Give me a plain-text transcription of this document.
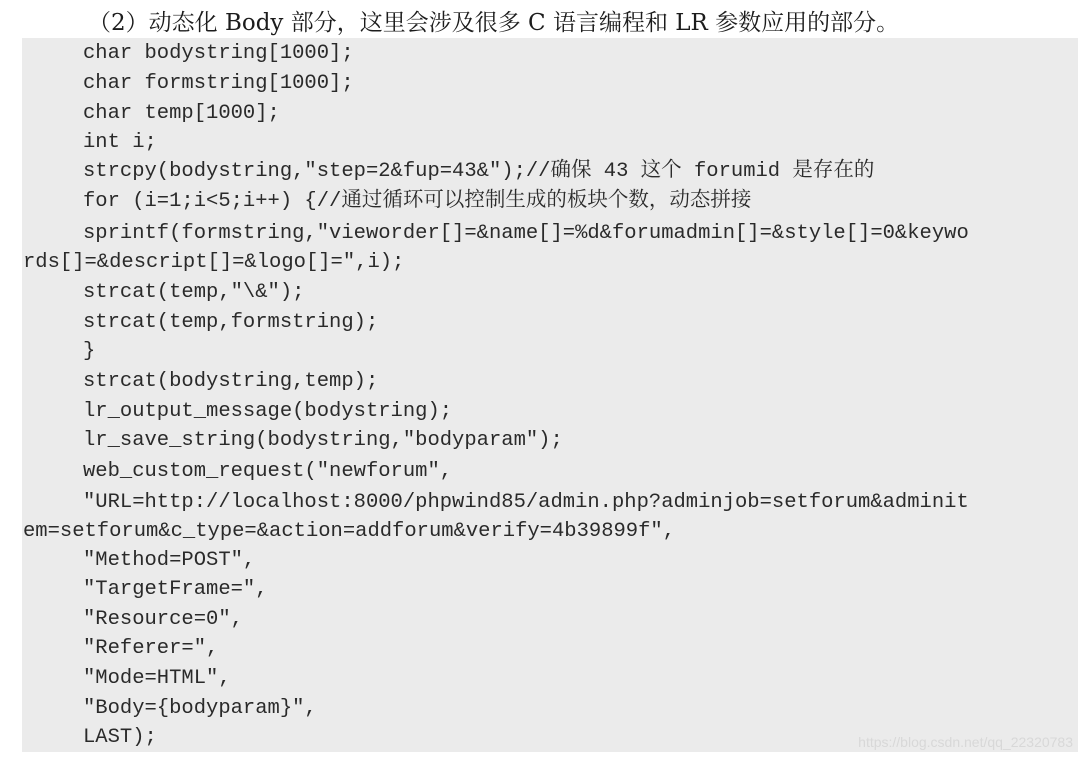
（2）动态化 Body 部分，这里会涉及很多 C 语言编程和 LR 参数应用的部分。
char bodystring[1000];
char formstring[1000];
char temp[1000];
int i;
strcpy(bodystring,"step=2&fup=43&");//确保 43 这个 forumid 是存在的
for (i=1;i<5;i++) {//通过循环可以控制生成的板块个数，动态拼接
sprintf(formstring,"vieworder[]=&name[]=%d&forumadmin[]=&style[]=0&keywo
rds[]=&descript[]=&logo[]=",i);
strcat(temp,"\&");
strcat(temp,formstring);
}
strcat(bodystring,temp);
lr_output_message(bodystring);
lr_save_string(bodystring,"bodyparam");
web_custom_request("newforum",
"URL=http://localhost:8000/phpwind85/admin.php?adminjob=setforum&adminit
em=setforum&c_type=&action=addforum&verify=4b39899f",
"Method=POST",
"TargetFrame=",
"Resource=0",
"Referer=",
"Mode=HTML",
"Body={bodyparam}",
LAST);	https://blog.csdn.net/qq_22320783
